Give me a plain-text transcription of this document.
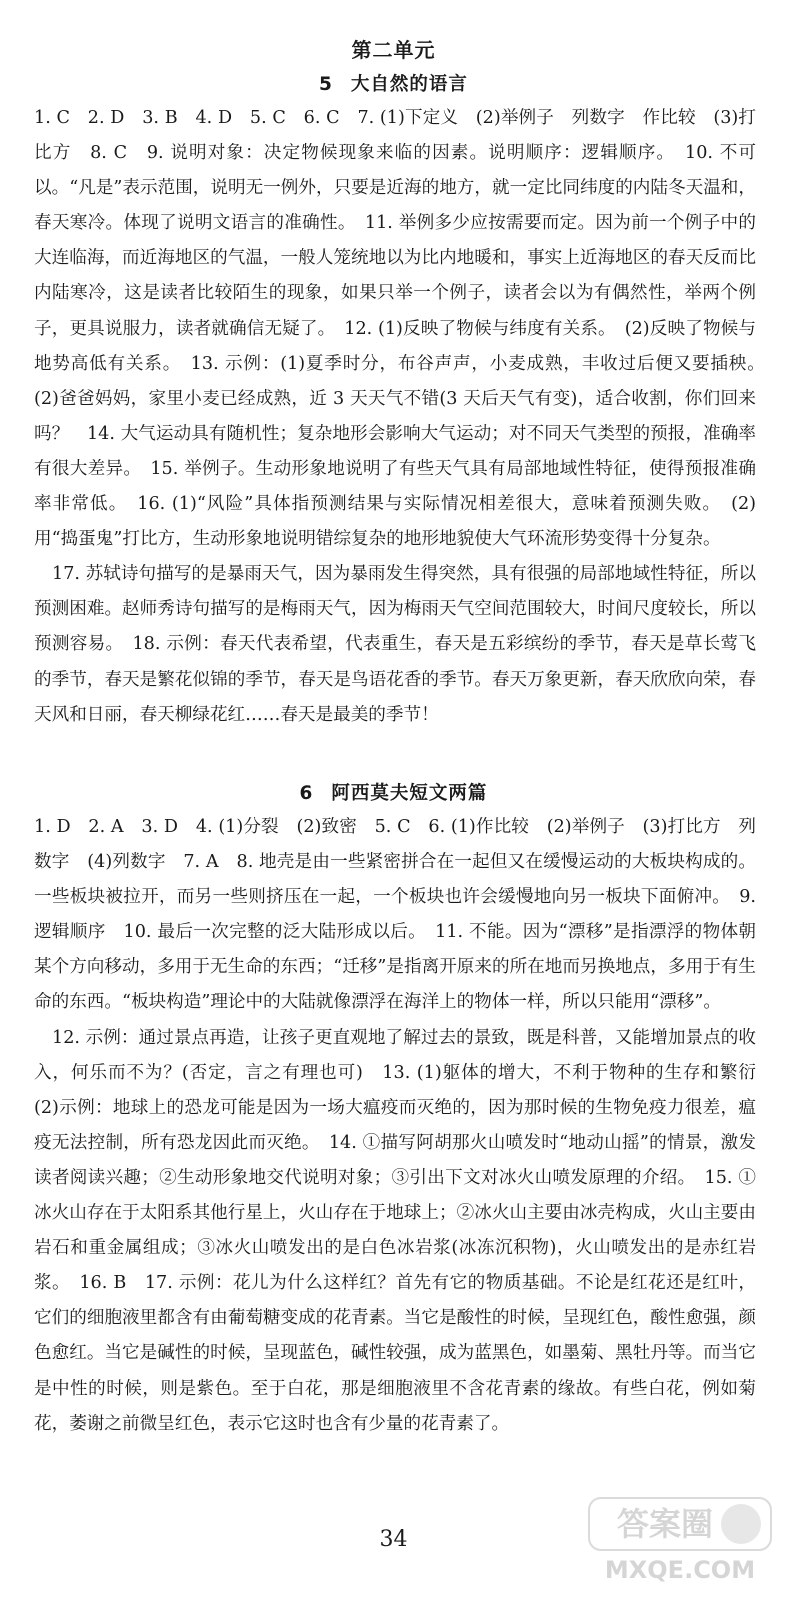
第二单元
5 大自然的语言

1. C　2. D　3. B　4. D　5. C　6. C　7. (1)下定义　(2)举例子　列数字　作比较　(3)打比方　8. C　9. 说明对象：决定物候现象来临的因素。说明顺序：逻辑顺序。　10. 不可以。“凡是”表示范围，说明无一例外，只要是近海的地方，就一定比同纬度的内陆冬天温和，春天寒冷。体现了说明文语言的准确性。　11. 举例多少应按需要而定。因为前一个例子中的大连临海，而近海地区的气温，一般人笼统地以为比内地暖和，事实上近海地区的春天反而比内陆寒冷，这是读者比较陌生的现象，如果只举一个例子，读者会以为有偶然性，举两个例子，更具说服力，读者就确信无疑了。　12. (1)反映了物候与纬度有关系。　(2)反映了物候与地势高低有关系。　13. 示例：(1)夏季时分，布谷声声，小麦成熟，丰收过后便又要插秧。　(2)爸爸妈妈，家里小麦已经成熟，近 3 天天气不错(3 天后天气有变)，适合收割，你们回来吗？　14. 大气运动具有随机性；复杂地形会影响大气运动；对不同天气类型的预报，准确率有很大差异。　15. 举例子。生动形象地说明了有些天气具有局部地域性特征，使得预报准确率非常低。　16. (1)“风险”具体指预测结果与实际情况相差很大，意味着预测失败。　(2)用“捣蛋鬼”打比方，生动形象地说明错综复杂的地形地貌使大气环流形势变得十分复杂。

17. 苏轼诗句描写的是暴雨天气，因为暴雨发生得突然，具有很强的局部地域性特征，所以预测困难。赵师秀诗句描写的是梅雨天气，因为梅雨天气空间范围较大，时间尺度较长，所以预测容易。　18. 示例：春天代表希望，代表重生，春天是五彩缤纷的季节，春天是草长莺飞的季节，春天是繁花似锦的季节，春天是鸟语花香的季节。春天万象更新，春天欣欣向荣，春天风和日丽，春天柳绿花红……春天是最美的季节！

6 阿西莫夫短文两篇

1. D　2. A　3. D　4. (1)分裂　(2)致密　5. C　6. (1)作比较　(2)举例子　(3)打比方　列数字　(4)列数字　7. A　8. 地壳是由一些紧密拼合在一起但又在缓慢运动的大板块构成的。一些板块被拉开，而另一些则挤压在一起，一个板块也许会缓慢地向另一板块下面俯冲。　9. 逻辑顺序　10. 最后一次完整的泛大陆形成以后。　11. 不能。因为“漂移”是指漂浮的物体朝某个方向移动，多用于无生命的东西；“迁移”是指离开原来的所在地而另换地点，多用于有生命的东西。“板块构造”理论中的大陆就像漂浮在海洋上的物体一样，所以只能用“漂移”。

12. 示例：通过景点再造，让孩子更直观地了解过去的景致，既是科普，又能增加景点的收入，何乐而不为？(否定，言之有理也可)　13. (1)躯体的增大，不利于物种的生存和繁衍　(2)示例：地球上的恐龙可能是因为一场大瘟疫而灭绝的，因为那时候的生物免疫力很差，瘟疫无法控制，所有恐龙因此而灭绝。　14. ①描写阿胡那火山喷发时“地动山摇”的情景，激发读者阅读兴趣；②生动形象地交代说明对象；③引出下文对冰火山喷发原理的介绍。　15. ①冰火山存在于太阳系其他行星上，火山存在于地球上；②冰火山主要由冰壳构成，火山主要由岩石和重金属组成；③冰火山喷发出的是白色冰岩浆(冰冻沉积物)，火山喷发出的是赤红岩浆。　16. B　17. 示例：花儿为什么这样红？首先有它的物质基础。不论是红花还是红叶，它们的细胞液里都含有由葡萄糖变成的花青素。当它是酸性的时候，呈现红色，酸性愈强，颜色愈红。当它是碱性的时候，呈现蓝色，碱性较强，成为蓝黑色，如墨菊、黑牡丹等。而当它是中性的时候，则是紫色。至于白花，那是细胞液里不含花青素的缘故。有些白花，例如菊花，萎谢之前微呈红色，表示它这时也含有少量的花青素了。

34	答案圈
MXQE.COM
